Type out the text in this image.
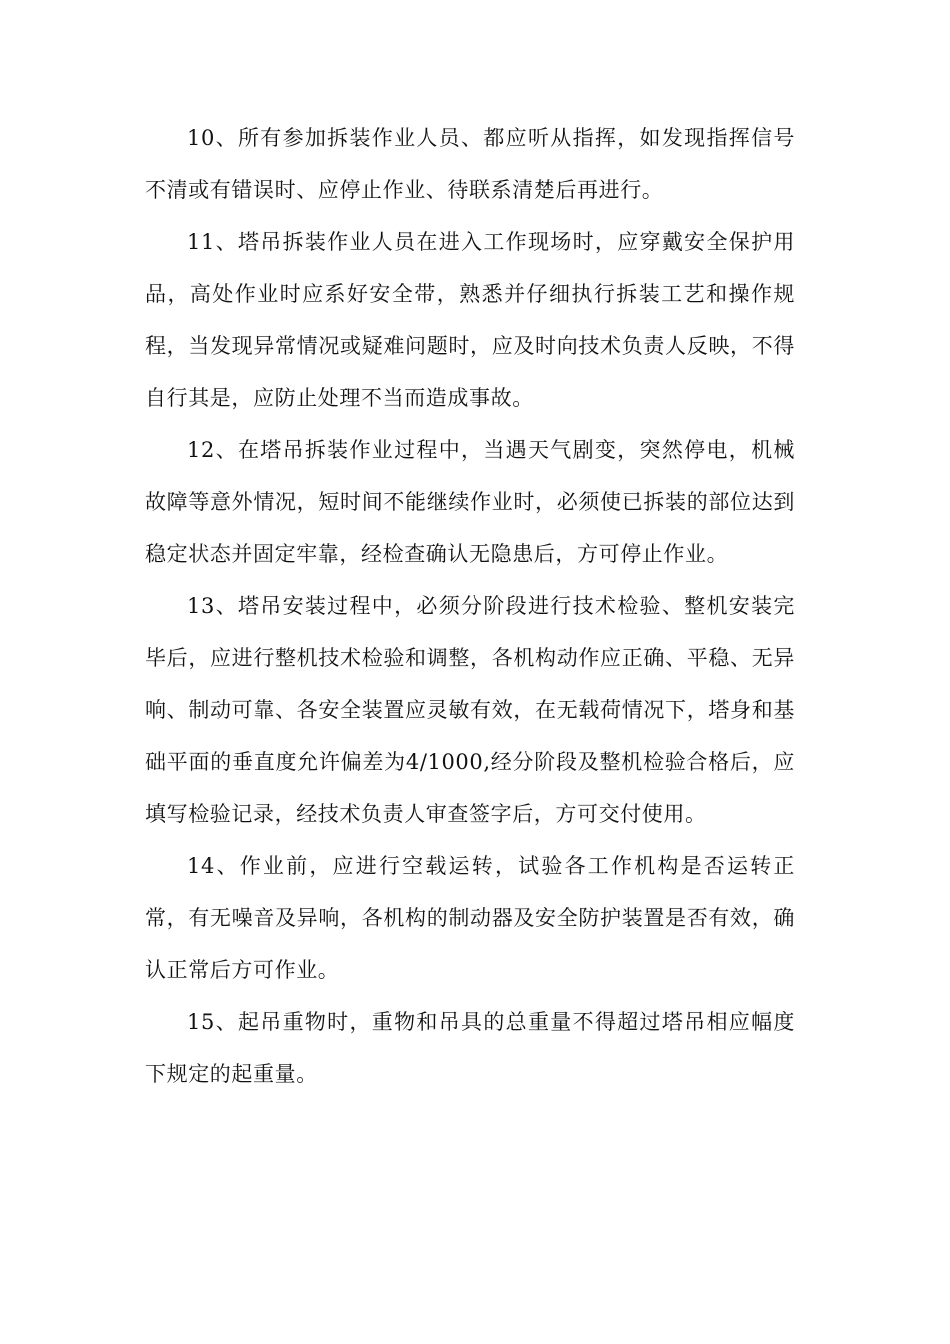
10、所有参加拆装作业人员、都应听从指挥，如发现指挥信号不清或有错误时、应停止作业、待联系清楚后再进行。

11、塔吊拆装作业人员在进入工作现场时，应穿戴安全保护用品，高处作业时应系好安全带，熟悉并仔细执行拆装工艺和操作规程，当发现异常情况或疑难问题时，应及时向技术负责人反映，不得自行其是，应防止处理不当而造成事故。

12、在塔吊拆装作业过程中，当遇天气剧变，突然停电，机械故障等意外情况，短时间不能继续作业时，必须使已拆装的部位达到稳定状态并固定牢靠，经检查确认无隐患后，方可停止作业。

13、塔吊安装过程中，必须分阶段进行技术检验、整机安装完毕后，应进行整机技术检验和调整，各机构动作应正确、平稳、无异响、制动可靠、各安全装置应灵敏有效，在无载荷情况下，塔身和基础平面的垂直度允许偏差为4/1000,经分阶段及整机检验合格后，应填写检验记录，经技术负责人审查签字后，方可交付使用。

14、作业前，应进行空载运转，试验各工作机构是否运转正常，有无噪音及异响，各机构的制动器及安全防护装置是否有效，确认正常后方可作业。

15、起吊重物时，重物和吊具的总重量不得超过塔吊相应幅度下规定的起重量。
